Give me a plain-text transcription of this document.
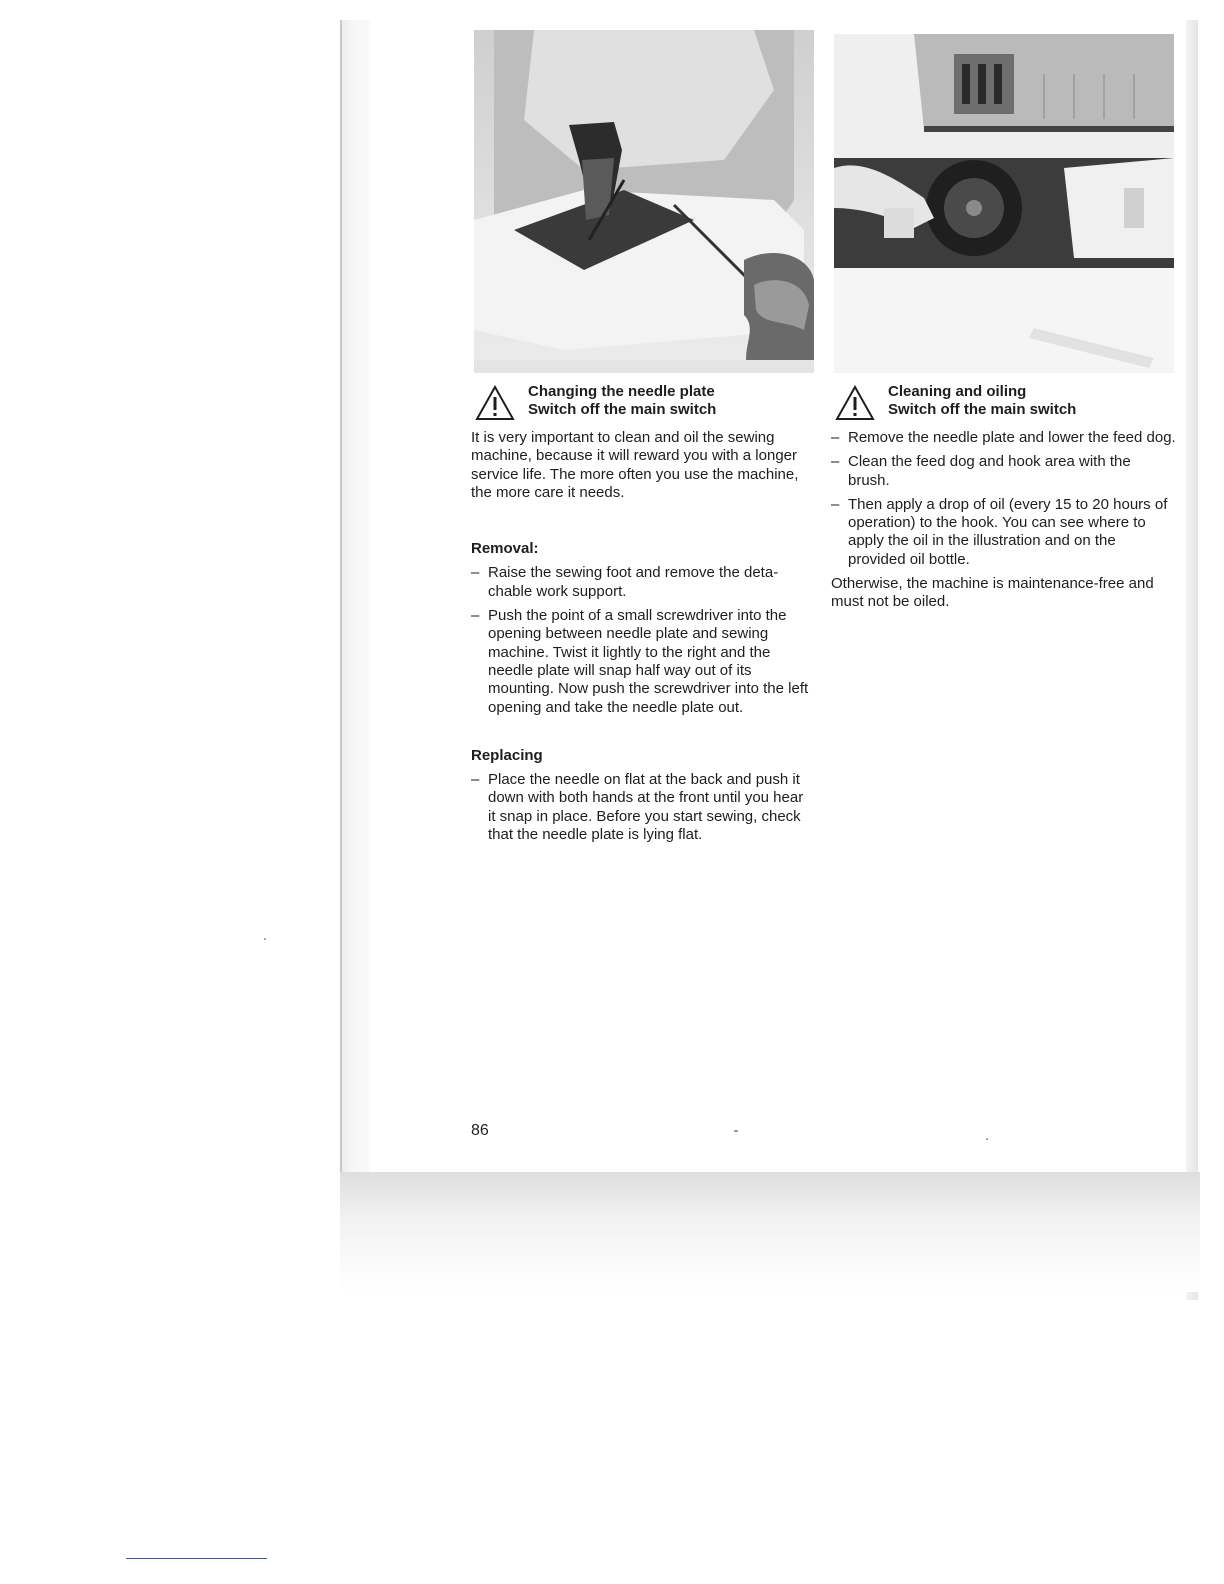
Changing the needle plate
Switch off the main switch

It is very important to clean and oil the sewing machine, because it will reward you with a longer service life. The more often you use the machine, the more care it needs.

Removal:

– Raise the sewing foot and remove the detachable work support.
– Push the point of a small screwdriver into the opening between needle plate and sewing machine. Twist it lightly to the right and the needle plate will snap half way out of its mounting. Now push the screwdriver into the left opening and take the needle plate out.

Replacing

– Place the needle on flat at the back and push it down with both hands at the front until you hear it snap in place. Before you start sewing, check that the needle plate is lying flat.
Cleaning and oiling
Switch off the main switch
– Remove the needle plate and lower the feed dog.
– Clean the feed dog and hook area with the brush.
– Then apply a drop of oil (every 15 to 20 hours of operation) to the hook. You can see where to apply the oil in the illustration and on the provided oil bottle.

Otherwise, the machine is maintenance-free and must not be oiled.

86
